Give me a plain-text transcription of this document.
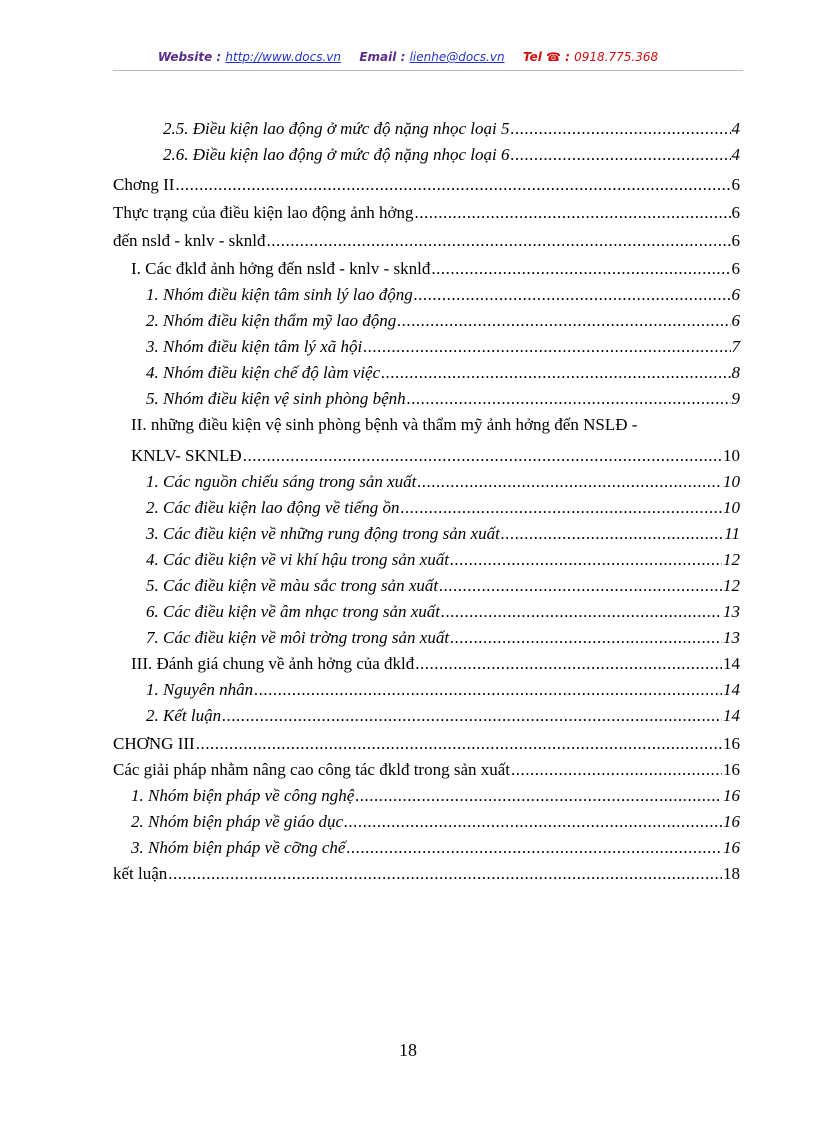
Website : http://www.docs.vn Email : lienhe@docs.vn Tel ☎ : 0918.775.368
2.5. Điều kiện lao động ở mức độ nặng nhọc loại 5 .....	4
2.6. Điều kiện lao động ở mức độ nặng nhọc loại 6 .....	4
Chơng II .....	6
Thực trạng của điều kiện lao động ảnh hởng .....	6
đến nslđ - knlv - sknlđ .....	6
I. Các đklđ ảnh hởng đến nslđ - knlv - sknlđ .....	6
1. Nhóm điều kiện tâm sinh lý lao động .....	6
2. Nhóm điều kiện thẩm mỹ lao động .....	6
3. Nhóm điều kiện tâm lý xã hội .....	7
4. Nhóm điều kiện chế độ làm việc .....	8
5. Nhóm điều kiện vệ sinh phòng bệnh .....	9
II. những điều kiện vệ sinh phòng bệnh và thẩm mỹ ảnh hởng đến NSLĐ -
KNLV- SKNLĐ .....	10
1. Các nguồn chiếu sáng trong sản xuất .....	10
2. Các điều kiện lao động về tiếng ồn .....	10
3. Các điều kiện về những rung động trong sản xuất .....	11
4. Các điều kiện về vi khí hậu trong sản xuất .....	12
5. Các điều kiện về màu sắc trong sản xuất .....	12
6. Các điều kiện về âm nhạc trong sản xuất .....	13
7. Các điều kiện về môi trờng trong sản xuất .....	13
III. Đánh giá chung về ảnh hởng của đklđ .....	14
1. Nguyên nhân .....	14
2. Kết luận .....	14
CHƠNG III .....	16
Các giải pháp nhằm nâng cao công tác đklđ trong sản xuất .....	16
1. Nhóm biện pháp về công nghệ .....	16
2. Nhóm biện pháp về giáo dục .....	16
3. Nhóm biện pháp về cỡng chế .....	16
kết luận .....	18
18
